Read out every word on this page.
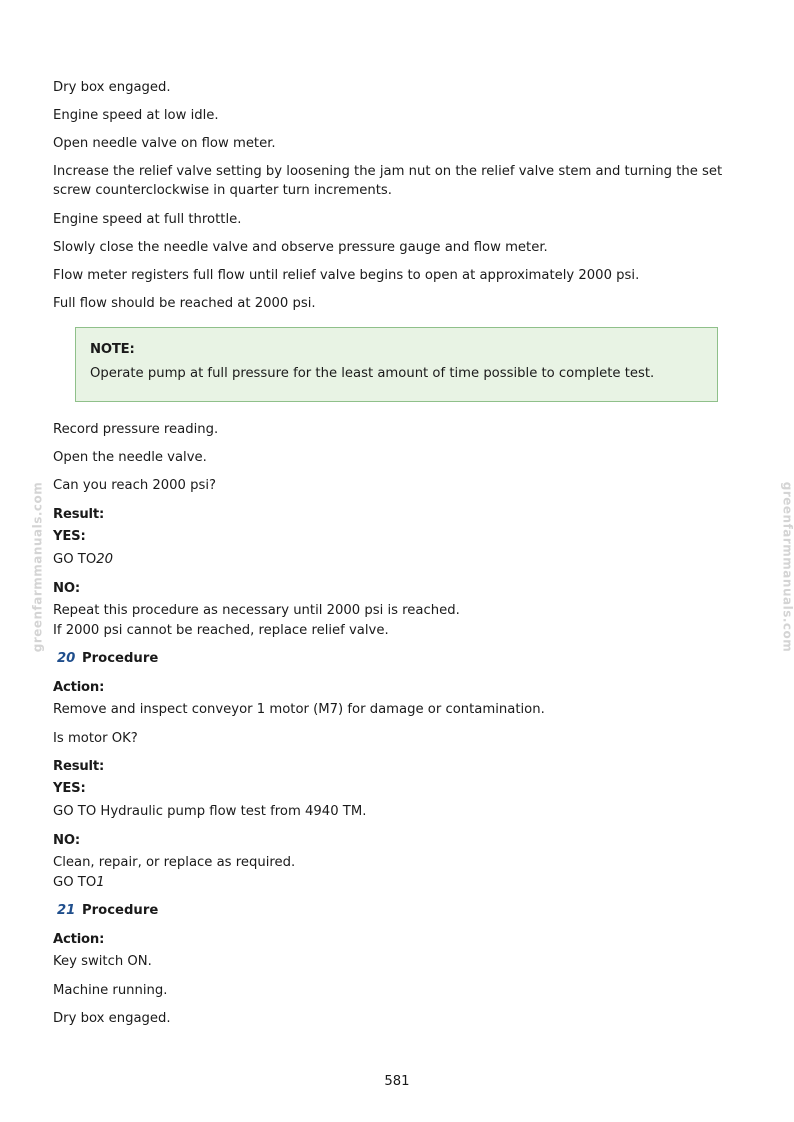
greenfarmmanuals.com	greenfarmmanuals.com

Dry box engaged.

Engine speed at low idle.

Open needle valve on flow meter.

Increase the relief valve setting by loosening the jam nut on the relief valve stem and turning the set screw counterclockwise in quarter turn increments.

Engine speed at full throttle.

Slowly close the needle valve and observe pressure gauge and flow meter.

Flow meter registers full flow until relief valve begins to open at approximately 2000 psi.

Full flow should be reached at 2000 psi.

Record pressure reading.

Open the needle valve.

Can you reach 2000 psi?

Result:
YES:

GO TO20

NO:

Repeat this procedure as necessary until 2000 psi is reached.

If 2000 psi cannot be reached, replace relief valve.

20 Procedure
Action:

Remove and inspect conveyor 1 motor (M7) for damage or contamination.

Is motor OK?

Result:
YES:

GO TO Hydraulic pump flow test from 4940 TM.

NO:

Clean, repair, or replace as required.

GO TO1

21 Procedure
Action:

Key switch ON.

Machine running.

Dry box engaged.

NOTE:
Operate pump at full pressure for the least amount of time possible to complete test.
581
